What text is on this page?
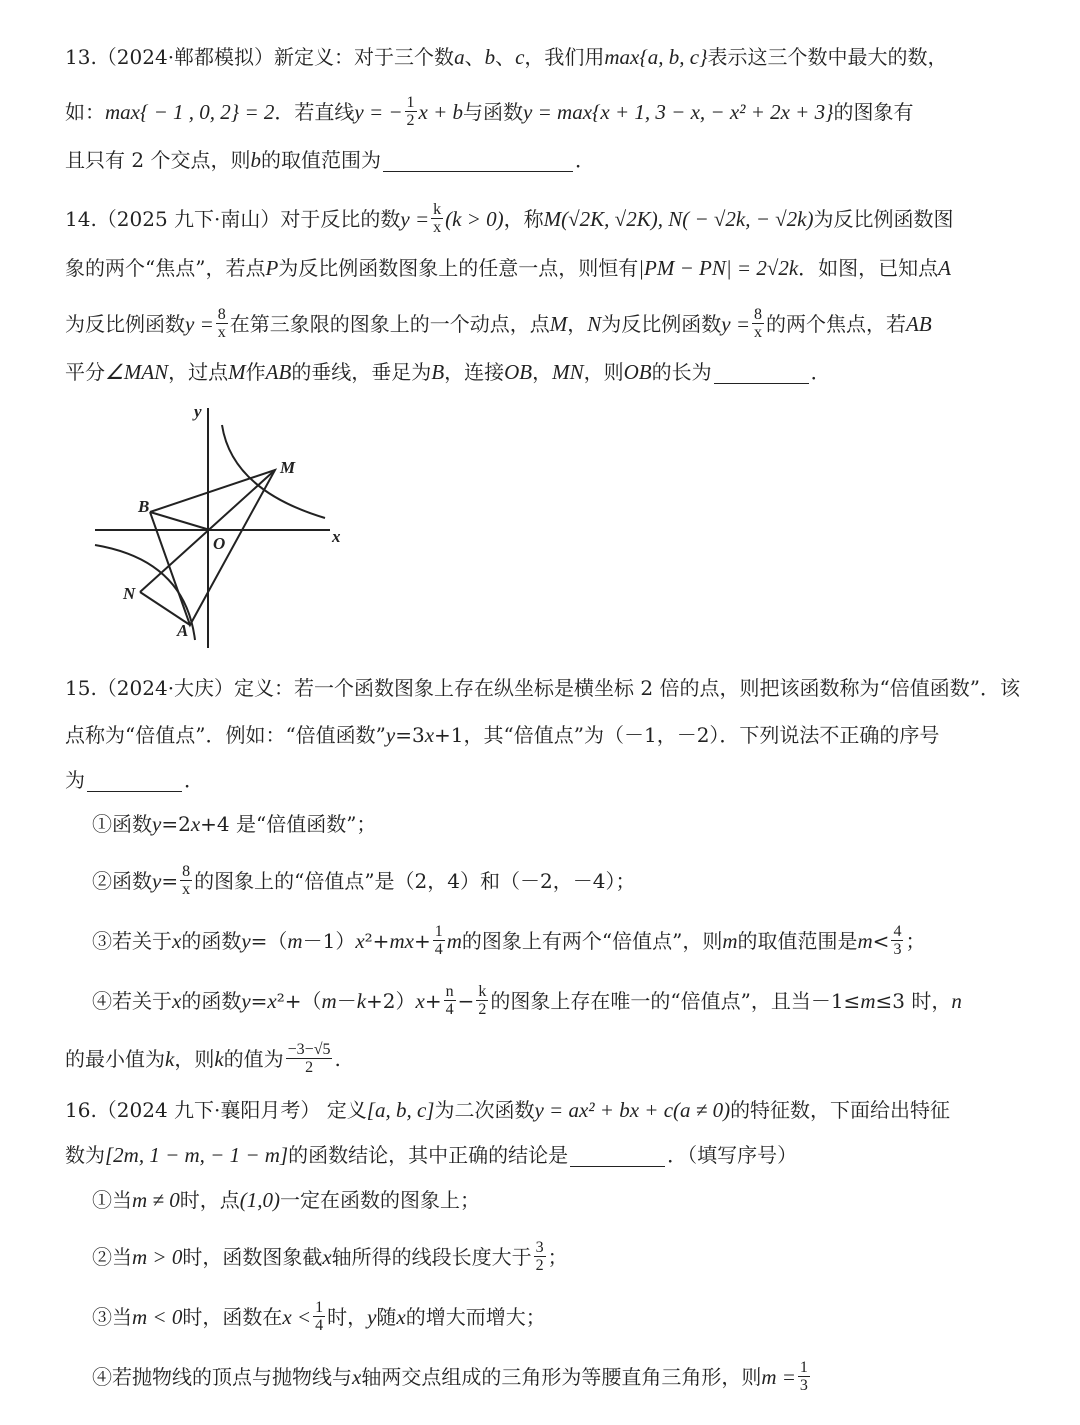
13.（2024·郸都模拟）新定义：对于三个数 a 、 b 、 c ，我们用 max{a, b, c} 表示这三个数中最大的数，
如： max{ − 1 , 0, 2} = 2 ．若直线 y = − $\frac{1}{2}$ x + b 与函数 y = max{x + 1, 3 − x, − x² + 2x + 3} 的图象有
且只有 2 个交点，则 b 的取值范围为	．
14.（2025 九下·南山）对于反比的数 $y = \frac{k}{x} (k > 0)$ ，称 M(√2K, √2K), N( − √2k, − √2k) 为反比例函数图
象的两个“焦点”，若点 P 为反比例函数图象上的任意一点，则恒有 |PM − PN| = 2√2k ．如图，已知点 A
为反比例函数 $y = \frac{8}{x}$ 在第三象限的图象上的一个动点，点 M ， N 为反比例函数 $y = \frac{8}{x}$ 的两个焦点，若 AB
平分 ∠MAN ，过点 M 作 AB 的垂线，垂足为 B ，连接 OB ， MN ，则 OB 的长为	．
15.（2024·大庆）定义：若一个函数图象上存在纵坐标是横坐标 2 倍的点，则把该函数称为“倍值函数”．该
点称为“倍值点”．例如：“倍值函数” y =3 x +1，其“倍值点”为（－1，－2）．下列说法不正确的序号
为	．
①函数 y =2 x +4 是“倍值函数”；
②函数 $y = \frac{8}{x}$ 的图象上的“倍值点”是（2，4）和（－2，－4）；
③若关于 x 的函数 y =（ m －1） x ²+ mx + $\frac{1}{4}$ m 的图象上有两个“倍值点”，则 m 的取值范围是 $m < \frac{4}{3}$ ；
④若关于 x 的函数 y = x ²+（ m － k +2） $x + \frac{n}{4} - \frac{k}{2}$ 的图象上存在唯一的“倍值点”，且当－1≤ m ≤3 时， n
的最小值为 k ，则 k 的值为 $\frac{-3-√5}{2}$ .
16.（2024 九下·襄阳月考） 定义 [a, b, c] 为二次函数 y = ax² + bx + c(a ≠ 0) 的特征数，下面给出特征
数为 [2m, 1 − m, − 1 − m] 的函数结论，其中正确的结论是	．（填写序号）
①当 m ≠ 0 时，点 (1,0) 一定在函数的图象上；
②当 m > 0 时，函数图象截 x 轴所得的线段长度大于 $\frac{3}{2}$ ；
③当 m < 0 时，函数在 $x < \frac{1}{4}$ 时， y 随 x 的增大而增大；
④若抛物线的顶点与抛物线与 x 轴两交点组成的三角形为等腰直角三角形，则 $m = \frac{1}{3}$
y
x
O
M
B
N
A
